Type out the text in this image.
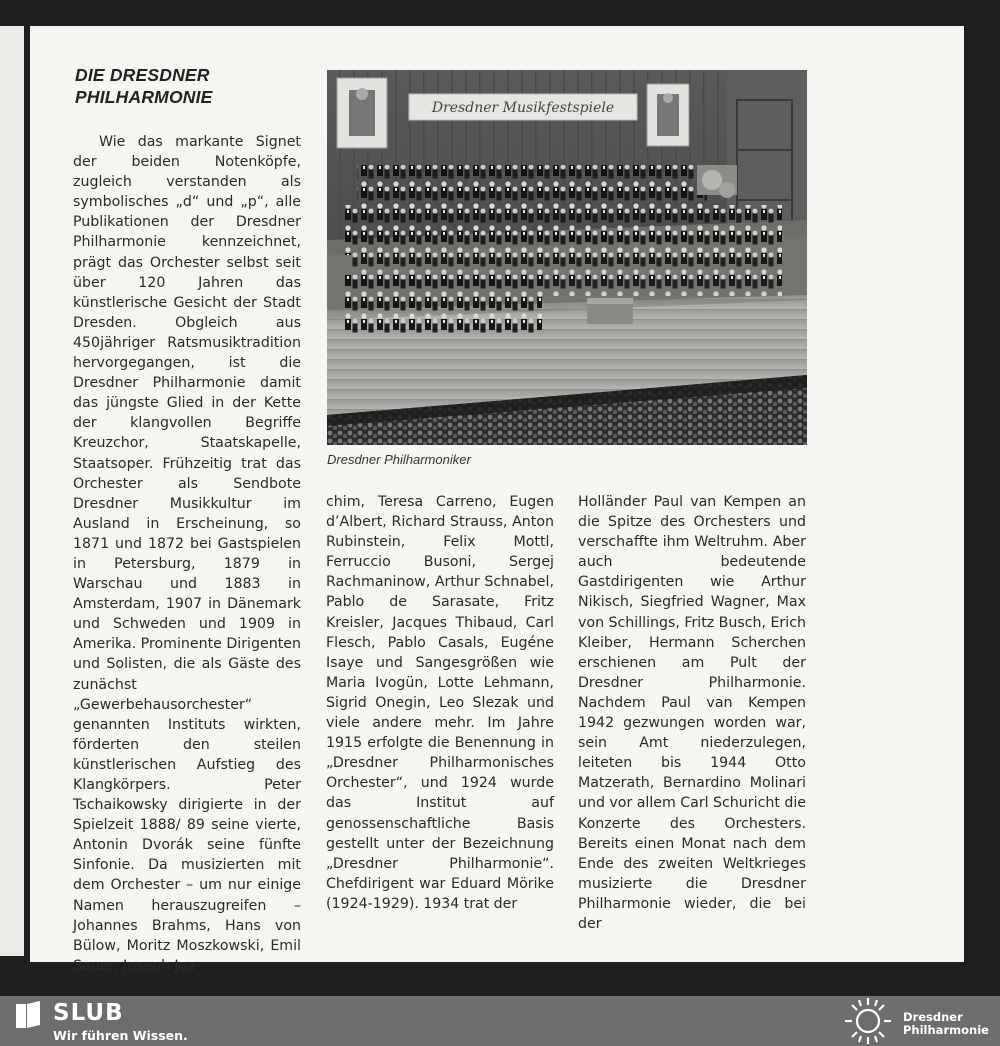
DIE DRESDNER
PHILHARMONIE

Wie das markante Signet der beiden Notenköpfe, zugleich verstanden als symbolisches „d“ und „p“, alle Publikationen der Dresdner Philharmonie kennzeichnet, prägt das Orchester selbst seit über 120 Jahren das künstlerische Gesicht der Stadt Dresden. Obgleich aus 450jähriger Ratsmusiktradition hervorgegangen, ist die Dresdner Philharmonie damit das jüngste Glied in der Kette der klangvollen Begriffe Kreuzchor, Staatskapelle, Staatsoper. Frühzeitig trat das Orchester als Sendbote Dresdner Musikkultur im Ausland in Erscheinung, so 1871 und 1872 bei Gastspielen in Petersburg, 1879 in Warschau und 1883 in Amsterdam, 1907 in Dänemark und Schweden und 1909 in Amerika. Prominente Dirigenten und Solisten, die als Gäste des zunächst „Gewerbehausorchester“ genannten Instituts wirkten, förderten den steilen künstlerischen Aufstieg des Klangkörpers. Peter Tschaikowsky dirigierte in der Spielzeit 1888/ 89 seine vierte, Antonin Dvorák seine fünfte Sinfonie. Da musizierten mit dem Orchester – um nur einige Namen herauszugreifen – Johannes Brahms, Hans von Bülow, Moritz Moszkowski, Emil Sauer, Joseph Joa-

Dresdner Musikfestspiele

Dresdner Philharmoniker

chim, Teresa Carreno, Eugen d’Albert, Richard Strauss, Anton Rubinstein, Felix Mottl, Ferruccio Busoni, Sergej Rachmaninow, Arthur Schnabel, Pablo de Sarasate, Fritz Kreisler, Jacques Thibaud, Carl Flesch, Pablo Casals, Eugéne Isaye und Sangesgrößen wie Maria Ivogün, Lotte Lehmann, Sigrid Onegin, Leo Slezak und viele andere mehr. Im Jahre 1915 erfolgte die Benennung in „Dresdner Philharmonisches Orchester“, und 1924 wurde das Institut auf genossenschaftliche Basis gestellt unter der Bezeichnung „Dresdner Philharmonie“. Chefdirigent war Eduard Mörike (1924-1929). 1934 trat der

Holländer Paul van Kempen an die Spitze des Orchesters und verschaffte ihm Weltruhm. Aber auch bedeutende Gastdirigenten wie Arthur Nikisch, Siegfried Wagner, Max von Schillings, Fritz Busch, Erich Kleiber, Hermann Scherchen erschienen am Pult der Dresdner Philharmonie. Nachdem Paul van Kempen 1942 gezwungen worden war, sein Amt niederzulegen, leiteten bis 1944 Otto Matzerath, Bernardino Molinari und vor allem Carl Schuricht die Konzerte des Orchesters. Bereits einen Monat nach dem Ende des zweiten Weltkrieges musizierte die Dresdner Philharmonie wieder, die bei der

SLUB
Wir führen Wissen.
Dresdner
Philharmonie
